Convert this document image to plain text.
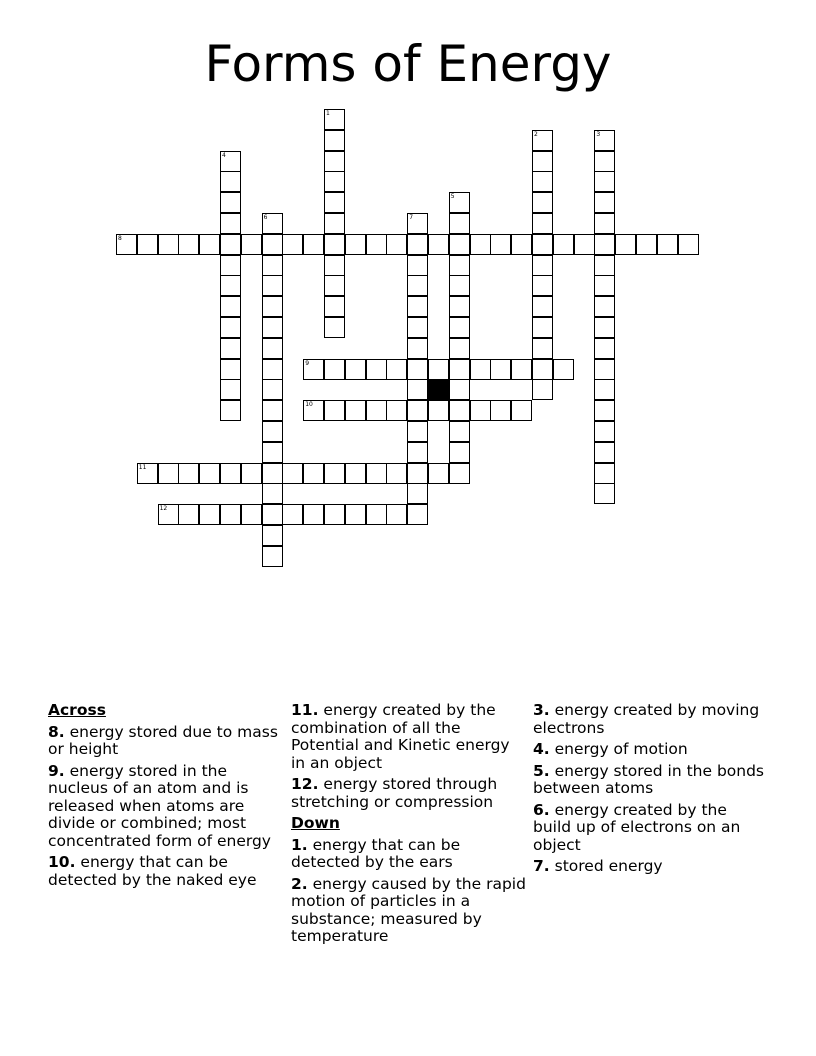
Forms of Energy
1
2	3
4
5
6	7
8
9
10
11
12
Across
8. energy stored due to mass or height
9. energy stored in the nucleus of an atom and is released when atoms are divide or combined; most concentrated form of energy
10. energy that can be detected by the naked eye
11. energy created by the combination of all the Potential and Kinetic energy in an object
12. energy stored through stretching or compression
Down
1. energy that can be detected by the ears
2. energy caused by the rapid motion of particles in a substance; measured by temperature
3. energy created by moving electrons
4. energy of motion
5. energy stored in the bonds between atoms
6. energy created by the build up of electrons on an object
7. stored energy
